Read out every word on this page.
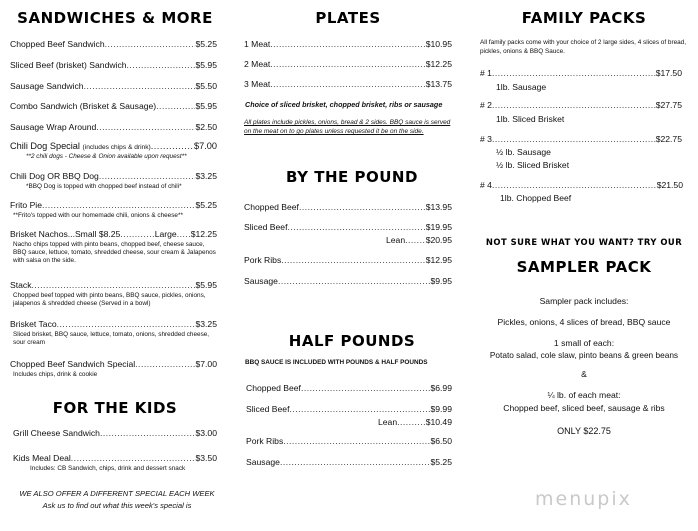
SANDWICHES & MORE
Chopped Beef Sandwich .....	$5.25
Sliced Beef (brisket) Sandwich .....	$5.95
Sausage Sandwich .....	$5.50
Combo Sandwich (Brisket & Sausage) .....	$5.95
Sausage Wrap Around .....	$2.50
Chili Dog Special (includes chips & drink) .....	$7.00
**2 chili dogs - Cheese & Onion available upon request**
Chili Dog OR BBQ Dog .....	$3.25
*BBQ Dog is topped with chopped beef instead of chili*
Frito Pie .....	$5.25
**Frito's topped with our homemade chili, onions & cheese**
Brisket Nachos...Small $8.25 .....	Large ..... $12.25
Nacho chips topped with pinto beans, chopped beef, cheese sauce, BBQ sauce, lettuce, tomato, shredded cheese, sour cream & Jalapenos with salsa on the side.
Stack .....	$5.95
Chopped beef topped with pinto beans, BBQ sauce, pickles, onions, jalapenos & shredded cheese (Served in a bowl)
Brisket Taco .....	$3.25
Sliced brisket, BBQ sauce, lettuce, tomato, onions, shredded cheese, sour cream
Chopped Beef Sandwich Special .....	$7.00
Includes chips, drink & cookie
FOR THE KIDS
Grill Cheese Sandwich .....	$3.00
Kids Meal Deal .....	$3.50
Includes: CB Sandwich, chips, drink and dessert snack
WE ALSO OFFER A DIFFERENT SPECIAL EACH WEEK
Ask us to find out what this week's special is
PLATES
1 Meat .....	$10.95
2 Meat .....	$12.25
3 Meat .....	$13.75
Choice of sliced brisket, chopped brisket, ribs or sausage
All plates include pickles, onions, bread & 2 sides. BBQ sauce is served on the meat on to go plates unless requested it be on the side.
BY THE POUND
Chopped Beef .....	$13.95
Sliced Beef .....	$19.95
Lean ..... $20.95
Pork Ribs .....	$12.95
Sausage .....	$9.95
HALF POUNDS
BBQ SAUCE IS INCLUDED WITH POUNDS & HALF POUNDS
Chopped Beef .....	$6.99
Sliced Beef .....	$9.99
Lean .....	$10.49
Pork Ribs .....	$6.50
Sausage .....	$5.25
FAMILY PACKS
All family packs come with your choice of 2 large sides, 4 slices of bread, pickles, onions & BBQ Sauce.
# 1 .....	$17.50
1lb. Sausage
# 2 .....	$27.75
1lb. Sliced Brisket
# 3 .....	$22.75
½ lb. Sausage
½ lb. Sliced Brisket
# 4 .....	$21.50
1lb. Chopped Beef
NOT SURE WHAT YOU WANT? TRY OUR
SAMPLER PACK
Sampler pack includes:
Pickles, onions, 4 slices of bread, BBQ sauce
1 small of each:
Potato salad, cole slaw, pinto beans & green beans
&
¼ lb. of each meat:
Chopped beef, sliced beef, sausage & ribs
ONLY $22.75
menupix
